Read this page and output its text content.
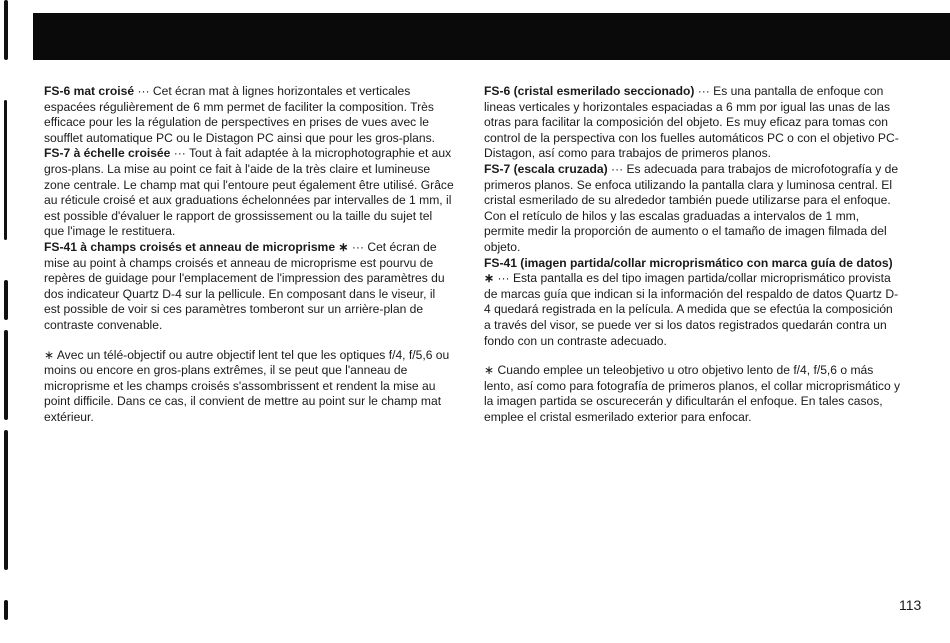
FS-6 mat croisé ··· Cet écran mat à lignes horizontales et verticales espacées régulièrement de 6 mm permet de faciliter la composition. Très efficace pour les la régulation de perspectives en prises de vues avec le soufflet automatique PC ou le Distagon PC ainsi que pour les gros-plans.

FS-7 à échelle croisée ··· Tout à fait adaptée à la microphotographie et aux gros-plans. La mise au point ce fait à l'aide de la très claire et lumineuse zone centrale. Le champ mat qui l'entoure peut également être utilisé. Grâce au réticule croisé et aux graduations échelonnées par intervalles de 1 mm, il est possible d'évaluer le rapport de grossissement ou la taille du sujet tel que l'image le restituera.

FS-41 à champs croisés et anneau de microprisme ∗ ··· Cet écran de mise au point à champs croisés et anneau de microprisme est pourvu de repères de guidage pour l'emplacement de l'impression des paramètres du dos indicateur Quartz D-4 sur la pellicule. En composant dans le viseur, il est possible de voir si ces paramètres tomberont sur un arrière-plan de contraste convenable.

∗ Avec un télé-objectif ou autre objectif lent tel que les optiques f/4, f/5,6 ou moins ou encore en gros-plans extrêmes, il se peut que l'anneau de microprisme et les champs croisés s'assombrissent et rendent la mise au point difficile. Dans ce cas, il convient de mettre au point sur le champ mat extérieur.

FS-6 (cristal esmerilado seccionado) ··· Es una pantalla de enfoque con lineas verticales y horizontales espaciadas a 6 mm por igual las unas de las otras para facilitar la composición del objeto. Es muy eficaz para tomas con control de la perspectiva con los fuelles automáticos PC o con el objetivo PC-Distagon, así como para trabajos de primeros planos.

FS-7 (escala cruzada) ··· Es adecuada para trabajos de microfotografía y de primeros planos. Se enfoca utilizando la pantalla clara y luminosa central. El cristal esmerilado de su alrededor también puede utilizarse para el enfoque. Con el retículo de hilos y las escalas graduadas a intervalos de 1 mm, permite medir la proporción de aumento o el tamaño de imagen filmada del objeto.

FS-41 (imagen partida/collar microprismático con marca guía de datos) ∗ ··· Esta pantalla es del tipo imagen partida/collar microprismático provista de marcas guía que indican si la información del respaldo de datos Quartz D-4 quedará registrada en la película. A medida que se efectúa la composición a través del visor, se puede ver si los datos registrados quedarán contra un fondo con un contraste adecuado.

∗ Cuando emplee un teleobjetivo u otro objetivo lento de f/4, f/5,6 o más lento, así como para fotografía de primeros planos, el collar microprismático y la imagen partida se oscurecerán y dificultarán el enfoque. En tales casos, emplee el cristal esmerilado exterior para enfocar.

113
